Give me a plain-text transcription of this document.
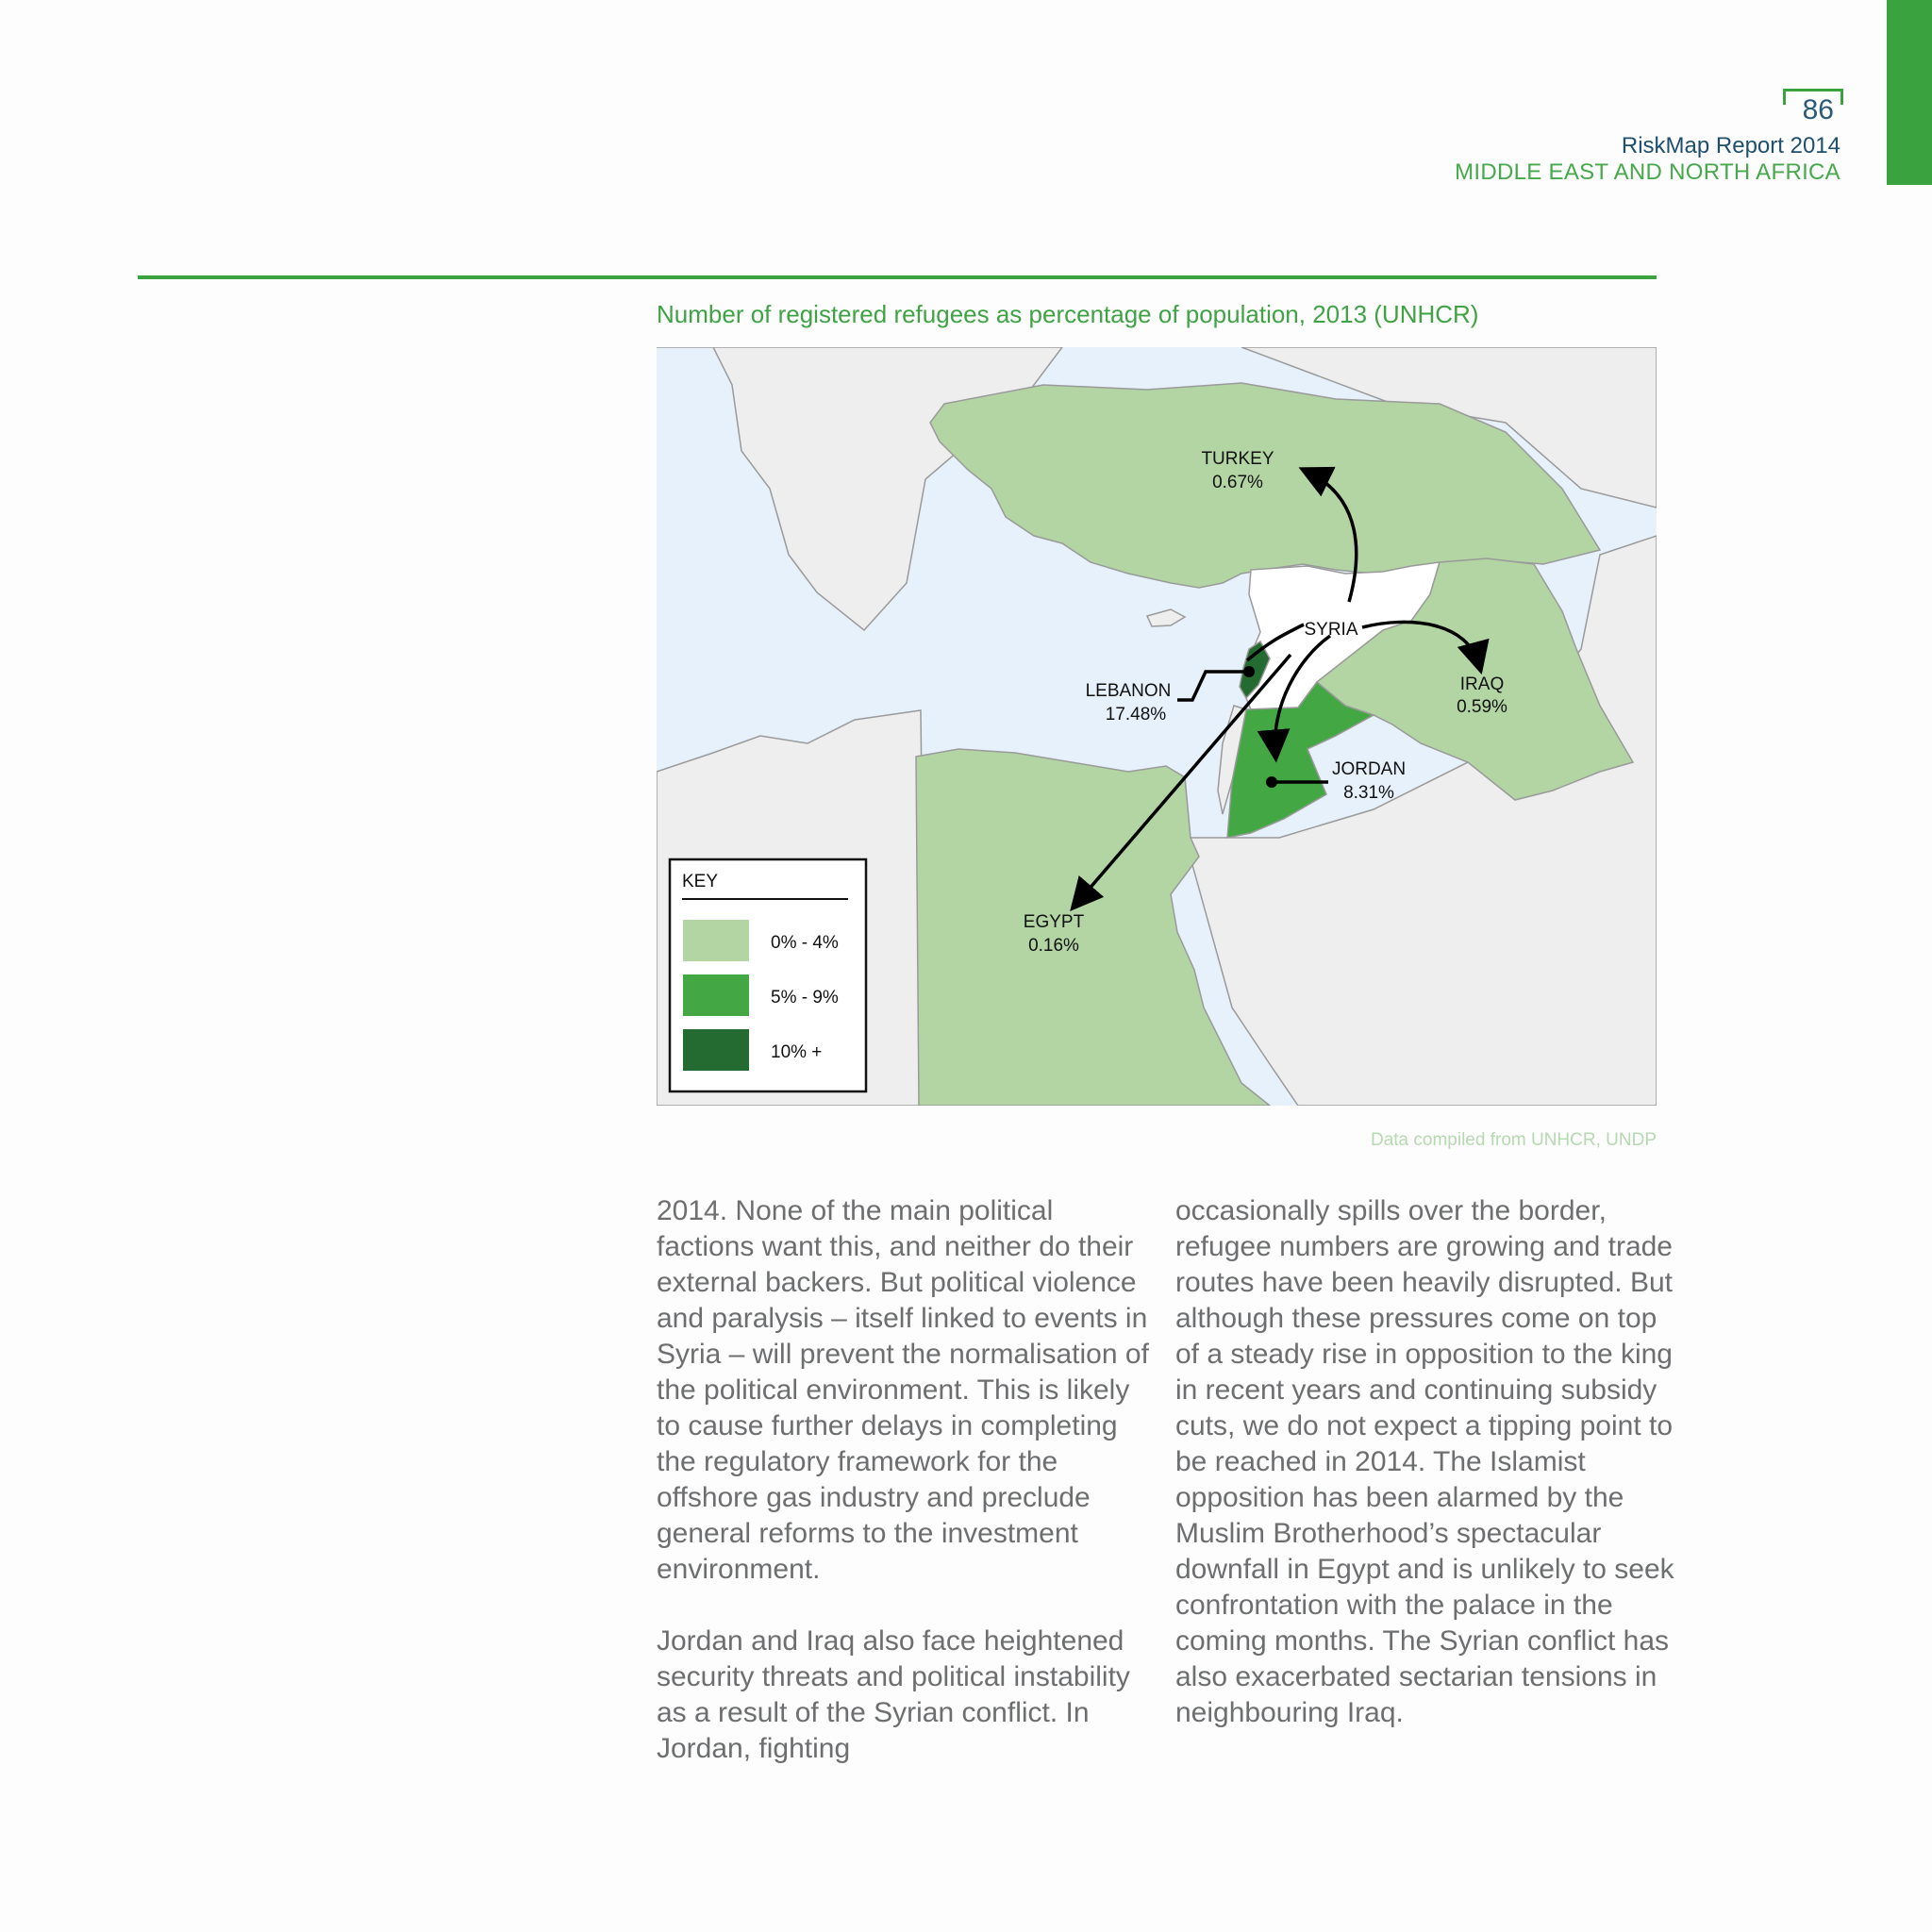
86
RiskMap Report 2014
MIDDLE EAST AND NORTH AFRICA
Number of registered refugees as percentage of population, 2013 (UNHCR)
SYRIA
TURKEY
0.67%
LEBANON
17.48%
IRAQ
0.59%
JORDAN
8.31%
EGYPT
0.16%
KEY
0% - 4%
5% - 9%
10% +
Data compiled from UNHCR, UNDP

2014. None of the main political factions want this, and neither do their external backers. But political violence and paralysis – itself linked to events in Syria – will prevent the normalisation of the political environment. This is likely to cause further delays in completing the regulatory framework for the offshore gas industry and preclude general reforms to the investment environment.

Jordan and Iraq also face heightened security threats and political instability as a result of the Syrian conflict. In Jordan, fighting

occasionally spills over the border, refugee numbers are growing and trade routes have been heavily disrupted. But although these pressures come on top of a steady rise in opposition to the king in recent years and continuing subsidy cuts, we do not expect a tipping point to be reached in 2014. The Islamist opposition has been alarmed by the Muslim Brotherhood’s spectacular downfall in Egypt and is unlikely to seek confrontation with the palace in the coming months. The Syrian conflict has also exacerbated sectarian tensions in neighbouring Iraq.
